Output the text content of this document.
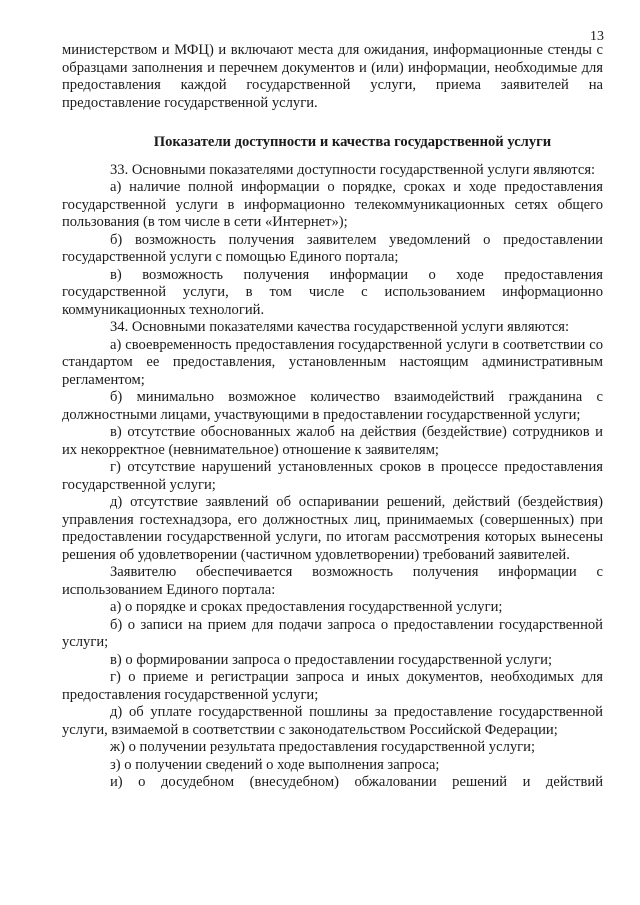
13

министерством и МФЦ) и включают места для ожидания, информационные стенды с образцами заполнения и перечнем документов и (или) информации, необходимые для предоставления каждой государственной услуги, приема заявителей на предоставление государственной услуги.

Показатели доступности и качества государственной услуги

33. Основными показателями доступности государственной услуги являются:

а) наличие полной информации о порядке, сроках и ходе предоставления государственной услуги в информационно телекоммуникационных сетях общего пользования (в том числе в сети «Интернет»);

б) возможность получения заявителем уведомлений о предоставлении государственной услуги с помощью Единого портала;

в) возможность получения информации о ходе предоставления государственной услуги, в том числе с использованием информационно коммуникационных технологий.

34. Основными показателями качества государственной услуги являются:

а) своевременность предоставления государственной услуги в соответствии со стандартом ее предоставления, установленным настоящим административным регламентом;

б) минимально возможное количество взаимодействий гражданина с должностными лицами, участвующими в предоставлении государственной услуги;

в) отсутствие обоснованных жалоб на действия (бездействие) сотрудников и их некорректное (невнимательное) отношение к заявителям;

г) отсутствие нарушений установленных сроков в процессе предоставления государственной услуги;

д) отсутствие заявлений об оспаривании решений, действий (бездействия) управления гостехнадзора, его должностных лиц, принимаемых (совершенных) при предоставлении государственной услуги, по итогам рассмотрения которых вынесены решения об удовлетворении (частичном удовлетворении) требований заявителей.

Заявителю обеспечивается возможность получения информации с использованием Единого портала:

а) о порядке и сроках предоставления государственной услуги;

б) о записи на прием для подачи запроса о предоставлении государственной услуги;

в) о формировании запроса о предоставлении государственной услуги;

г) о приеме и регистрации запроса и иных документов, необходимых для предоставления государственной услуги;

д) об уплате государственной пошлины за предоставление государственной услуги, взимаемой в соответствии с законодательством Российской Федерации;

ж) о получении результата предоставления государственной услуги;

з) о получении сведений о ходе выполнения запроса;

и) о досудебном (внесудебном) обжаловании решений и действий
